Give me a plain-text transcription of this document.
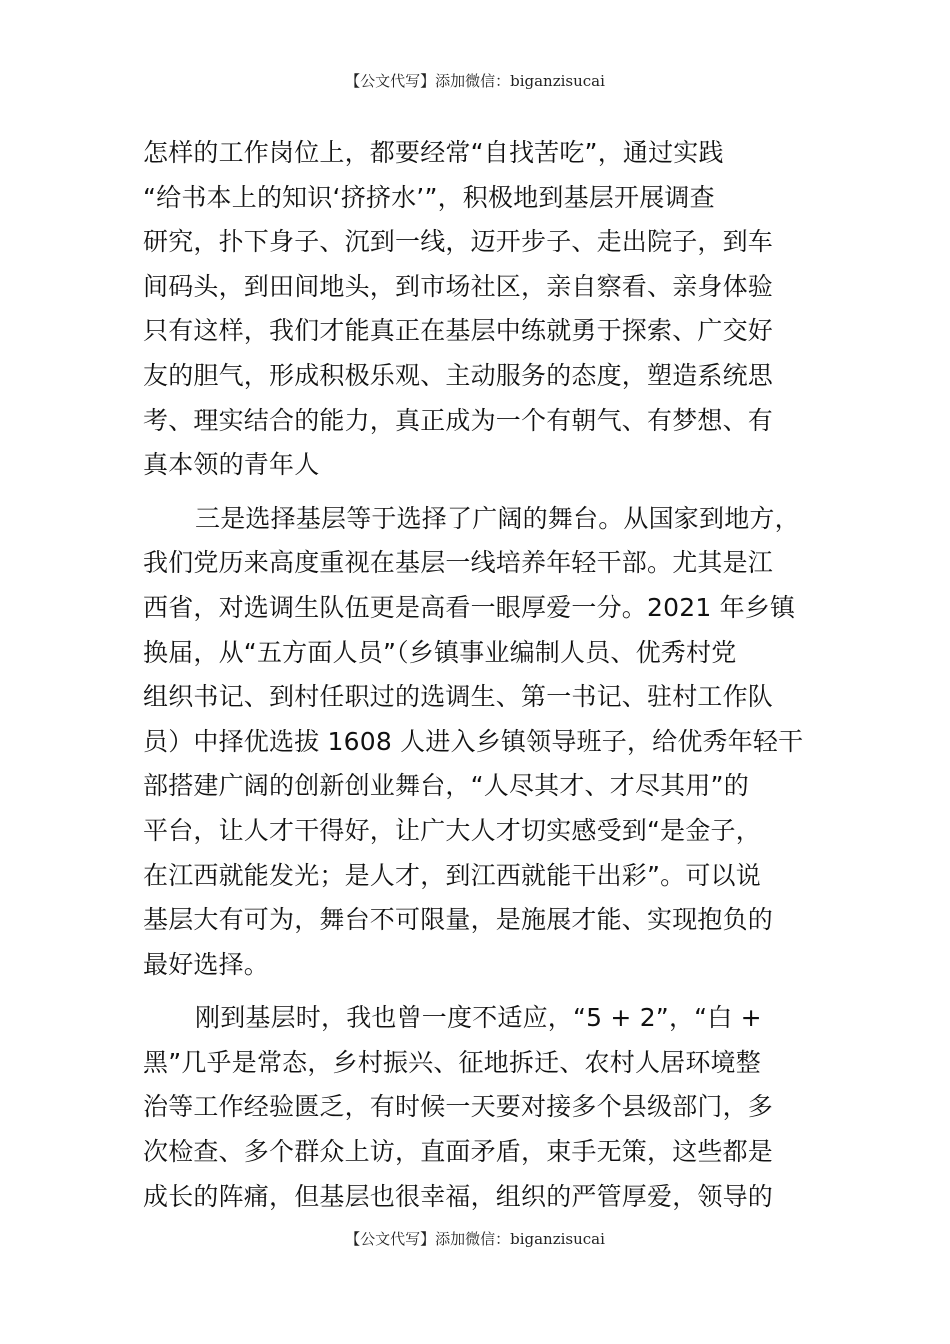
【公文代写】添加微信：biganzisucai
怎样的工作岗位上，都要经常“自找苦吃”，通过实践
“给书本上的知识‘挤挤水’”，积极地到基层开展调查
研究，扑下身子、沉到一线，迈开步子、走出院子，到车
间码头，到田间地头，到市场社区，亲自察看、亲身体验
只有这样，我们才能真正在基层中练就勇于探索、广交好
友的胆气，形成积极乐观、主动服务的态度，塑造系统思
考、理实结合的能力，真正成为一个有朝气、有梦想、有
真本领的青年人
三是选择基层等于选择了广阔的舞台。从国家到地方，
我们党历来高度重视在基层一线培养年轻干部。尤其是江
西省，对选调生队伍更是高看一眼厚爱一分。2021 年乡镇
换届，从“五方面人员”（乡镇事业编制人员、优秀村党
组织书记、到村任职过的选调生、第一书记、驻村工作队
员）中择优选拔 1608 人进入乡镇领导班子，给优秀年轻干
部搭建广阔的创新创业舞台，“人尽其才、才尽其用”的
平台，让人才干得好，让广大人才切实感受到“是金子，
在江西就能发光；是人才，到江西就能干出彩”。可以说
基层大有可为，舞台不可限量，是施展才能、实现抱负的
最好选择。
刚到基层时，我也曾一度不适应，“5 + 2”，“白 +
黑”几乎是常态，乡村振兴、征地拆迁、农村人居环境整
治等工作经验匮乏，有时候一天要对接多个县级部门，多
次检查、多个群众上访，直面矛盾，束手无策，这些都是
成长的阵痛，但基层也很幸福，组织的严管厚爱，领导的
【公文代写】添加微信：biganzisucai
